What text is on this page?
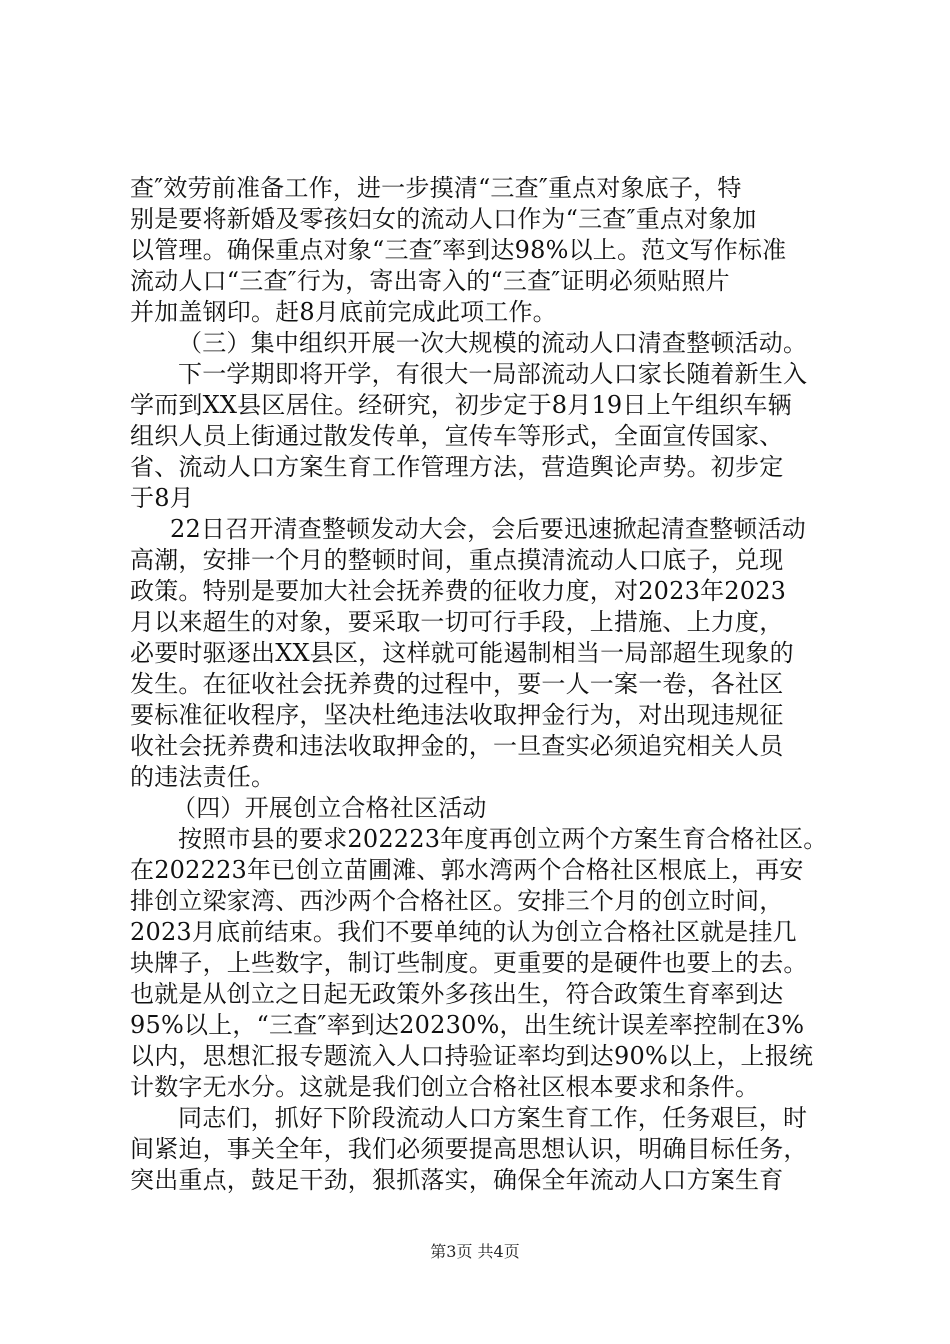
查″效劳前准备工作，进一步摸清“三查″重点对象底子，特
别是要将新婚及零孩妇女的流动人口作为“三查″重点对象加
以管理。确保重点对象“三查″率到达98%以上。范文写作标准
流动人口“三查″行为，寄出寄入的“三查″证明必须贴照片
并加盖钢印。赶8月底前完成此项工作。
（三）集中组织开展一次大规模的流动人口清查整顿活动。
下一学期即将开学，有很大一局部流动人口家长随着新生入
学而到XX县区居住。经研究，初步定于8月19日上午组织车辆
组织人员上街通过散发传单，宣传车等形式，全面宣传国家、
省、流动人口方案生育工作管理方法，营造舆论声势。初步定
于8月
22日召开清查整顿发动大会，会后要迅速掀起清查整顿活动
高潮，安排一个月的整顿时间，重点摸清流动人口底子，兑现
政策。特别是要加大社会抚养费的征收力度，对2023年2023
月以来超生的对象，要采取一切可行手段，上措施、上力度，
必要时驱逐出XX县区，这样就可能遏制相当一局部超生现象的
发生。在征收社会抚养费的过程中，要一人一案一卷，各社区
要标准征收程序，坚决杜绝违法收取押金行为，对出现违规征
收社会抚养费和违法收取押金的，一旦查实必须追究相关人员
的违法责任。
（四）开展创立合格社区活动
按照市县的要求202223年度再创立两个方案生育合格社区。
在202223年已创立苗圃滩、郭水湾两个合格社区根底上，再安
排创立梁家湾、西沙两个合格社区。安排三个月的创立时间，
2023月底前结束。我们不要单纯的认为创立合格社区就是挂几
块牌子，上些数字，制订些制度。更重要的是硬件也要上的去。
也就是从创立之日起无政策外多孩出生，符合政策生育率到达
95%以上，“三查″率到达20230%，出生统计误差率控制在3%
以内，思想汇报专题流入人口持验证率均到达90%以上，上报统
计数字无水分。这就是我们创立合格社区根本要求和条件。
同志们，抓好下阶段流动人口方案生育工作，任务艰巨，时
间紧迫，事关全年，我们必须要提高思想认识，明确目标任务，
突出重点，鼓足干劲，狠抓落实，确保全年流动人口方案生育
第3页 共4页
